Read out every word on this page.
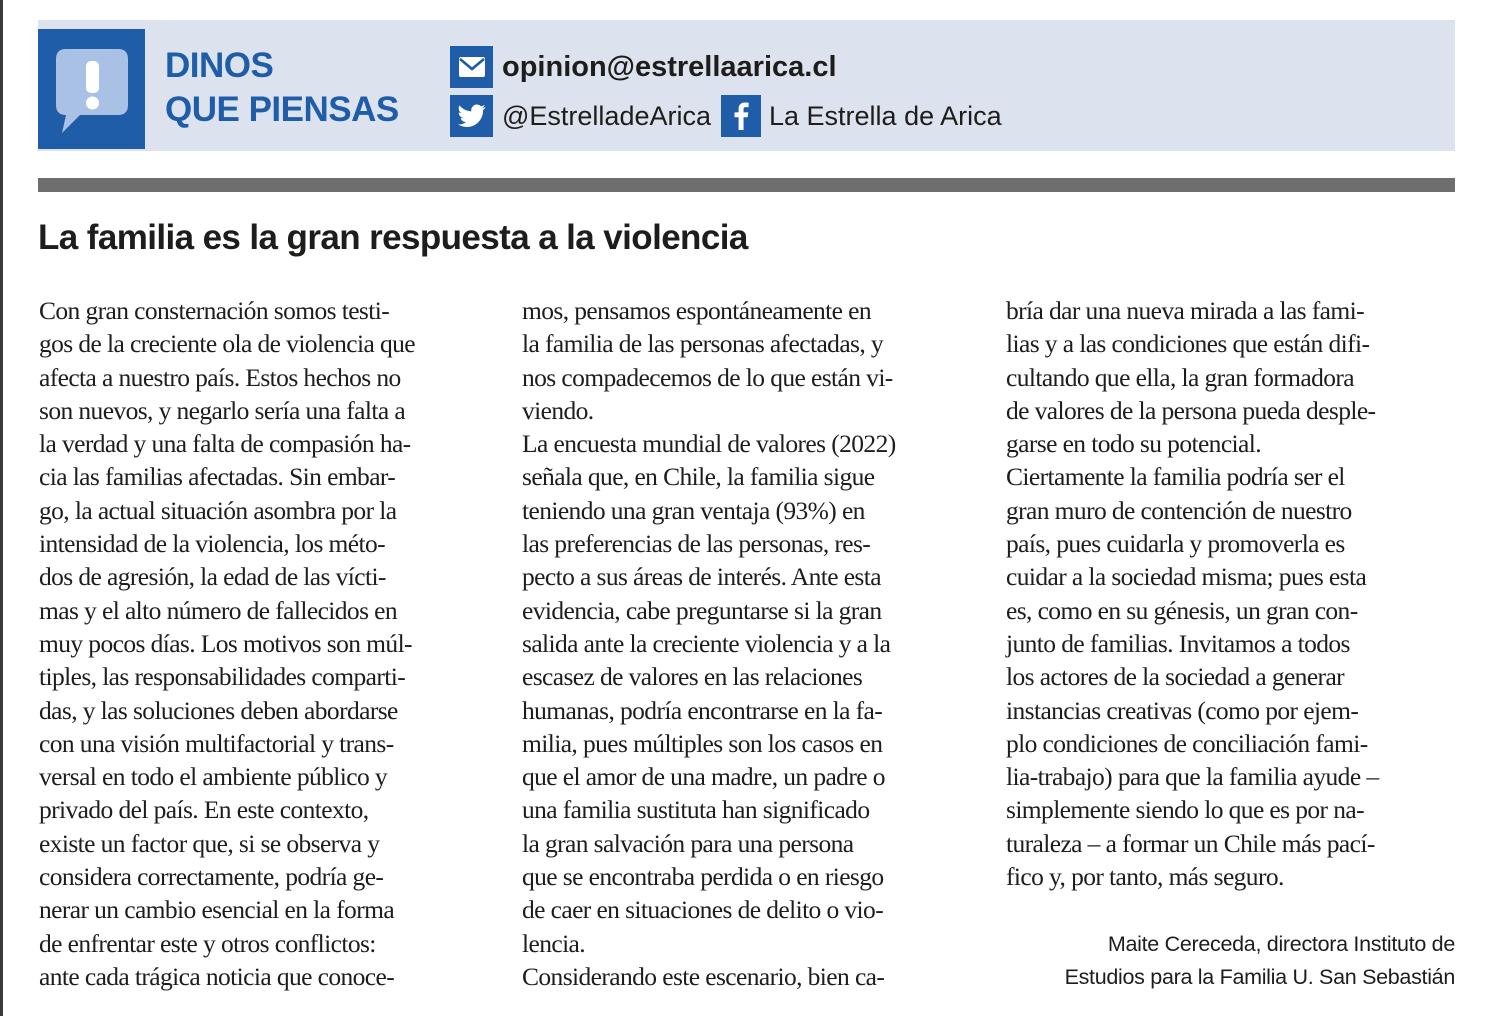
DINOS
QUE PIENSAS
opinion@estrellaarica.cl
@EstrelladeArica La Estrella de Arica
La familia es la gran respuesta a la violencia
Con gran consternación somos testi-
gos de la creciente ola de violencia que
afecta a nuestro país. Estos hechos no
son nuevos, y negarlo sería una falta a
la verdad y una falta de compasión ha-
cia las familias afectadas. Sin embar-
go, la actual situación asombra por la
intensidad de la violencia, los méto-
dos de agresión, la edad de las vícti-
mas y el alto número de fallecidos en
muy pocos días. Los motivos son múl-
tiples, las responsabilidades comparti-
das, y las soluciones deben abordarse
con una visión multifactorial y trans-
versal en todo el ambiente público y
privado del país. En este contexto,
existe un factor que, si se observa y
considera correctamente, podría ge-
nerar un cambio esencial en la forma
de enfrentar este y otros conflictos:
ante cada trágica noticia que conoce-
mos, pensamos espontáneamente en
la familia de las personas afectadas, y
nos compadecemos de lo que están vi-
viendo.
La encuesta mundial de valores (2022)
señala que, en Chile, la familia sigue
teniendo una gran ventaja (93%) en
las preferencias de las personas, res-
pecto a sus áreas de interés. Ante esta
evidencia, cabe preguntarse si la gran
salida ante la creciente violencia y a la
escasez de valores en las relaciones
humanas, podría encontrarse en la fa-
milia, pues múltiples son los casos en
que el amor de una madre, un padre o
una familia sustituta han significado
la gran salvación para una persona
que se encontraba perdida o en riesgo
de caer en situaciones de delito o vio-
lencia.
Considerando este escenario, bien ca-
bría dar una nueva mirada a las fami-
lias y a las condiciones que están difi-
cultando que ella, la gran formadora
de valores de la persona pueda desple-
garse en todo su potencial.
Ciertamente la familia podría ser el
gran muro de contención de nuestro
país, pues cuidarla y promoverla es
cuidar a la sociedad misma; pues esta
es, como en su génesis, un gran con-
junto de familias. Invitamos a todos
los actores de la sociedad a generar
instancias creativas (como por ejem-
plo condiciones de conciliación fami-
lia-trabajo) para que la familia ayude –
simplemente siendo lo que es por na-
turaleza – a formar un Chile más pací-
fico y, por tanto, más seguro.
Maite Cereceda, directora Instituto de
Estudios para la Familia U. San Sebastián
